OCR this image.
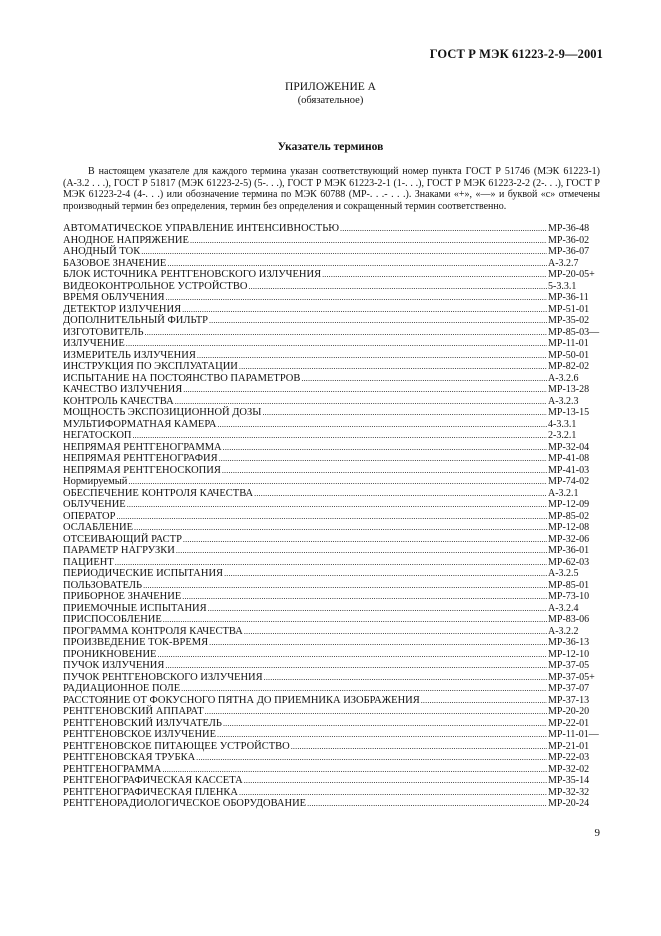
ГОСТ Р МЭК 61223-2-9—2001
ПРИЛОЖЕНИЕ А
(обязательное)
Указатель терминов

В настоящем указателе для каждого термина указан соответствующий номер пункта ГОСТ Р 51746 (МЭК 61223-1) (А-3.2 . . .), ГОСТ Р 51817 (МЭК 61223-2-5) (5-. . .), ГОСТ Р МЭК 61223-2-1 (1-. . .), ГОСТ Р МЭК 61223-2-2 (2-. . .), ГОСТ Р МЭК 61223-2-4 (4-. . .) или обозначение термина по МЭК 60788 (МР-. . .- . . .). Знаками «+», «—» и буквой «с» отмечены производный термин без определения, термин без определения и сокращенный термин соответственно.

АВТОМАТИЧЕСКОЕ УПРАВЛЕНИЕ ИНТЕНСИВНОСТЬЮ .....	МР-36-48
АНОДНОЕ НАПРЯЖЕНИЕ .....	МР-36-02
АНОДНЫЙ ТОК .....	МР-36-07
БАЗОВОЕ ЗНАЧЕНИЕ .....	А-3.2.7
БЛОК ИСТОЧНИКА РЕНТГЕНОВСКОГО ИЗЛУЧЕНИЯ .....	МР-20-05+
ВИДЕОКОНТРОЛЬНОЕ УСТРОЙСТВО .....	5-3.3.1
ВРЕМЯ ОБЛУЧЕНИЯ .....	МР-36-11
ДЕТЕКТОР ИЗЛУЧЕНИЯ .....	МР-51-01
ДОПОЛНИТЕЛЬНЫЙ ФИЛЬТР .....	МР-35-02
ИЗГОТОВИТЕЛЬ .....	МР-85-03—
ИЗЛУЧЕНИЕ .....	МР-11-01
ИЗМЕРИТЕЛЬ ИЗЛУЧЕНИЯ .....	МР-50-01
ИНСТРУКЦИЯ ПО ЭКСПЛУАТАЦИИ .....	МР-82-02
ИСПЫТАНИЕ НА ПОСТОЯНСТВО ПАРАМЕТРОВ .....	А-3.2.6
КАЧЕСТВО ИЗЛУЧЕНИЯ .....	МР-13-28
КОНТРОЛЬ КАЧЕСТВА .....	А-3.2.3
МОЩНОСТЬ ЭКСПОЗИЦИОННОЙ ДОЗЫ .....	МР-13-15
МУЛЬТИФОРМАТНАЯ КАМЕРА .....	4-3.3.1
НЕГАТОСКОП .....	2-3.2.1
НЕПРЯМАЯ РЕНТГЕНОГРАММА .....	МР-32-04
НЕПРЯМАЯ РЕНТГЕНОГРАФИЯ .....	МР-41-08
НЕПРЯМАЯ РЕНТГЕНОСКОПИЯ .....	МР-41-03
Нормируемый .....	МР-74-02
ОБЕСПЕЧЕНИЕ КОНТРОЛЯ КАЧЕСТВА .....	А-3.2.1
ОБЛУЧЕНИЕ .....	МР-12-09
ОПЕРАТОР .....	МР-85-02
ОСЛАБЛЕНИЕ .....	МР-12-08
ОТСЕИВАЮЩИЙ РАСТР .....	МР-32-06
ПАРАМЕТР НАГРУЗКИ .....	МР-36-01
ПАЦИЕНТ .....	МР-62-03
ПЕРИОДИЧЕСКИЕ ИСПЫТАНИЯ .....	А-3.2.5
ПОЛЬЗОВАТЕЛЬ .....	МР-85-01
ПРИБОРНОЕ ЗНАЧЕНИЕ .....	МР-73-10
ПРИЕМОЧНЫЕ ИСПЫТАНИЯ .....	А-3.2.4
ПРИСПОСОБЛЕНИЕ .....	МР-83-06
ПРОГРАММА КОНТРОЛЯ КАЧЕСТВА .....	А-3.2.2
ПРОИЗВЕДЕНИЕ ТОК-ВРЕМЯ .....	МР-36-13
ПРОНИКНОВЕНИЕ .....	МР-12-10
ПУЧОК ИЗЛУЧЕНИЯ .....	МР-37-05
ПУЧОК РЕНТГЕНОВСКОГО ИЗЛУЧЕНИЯ .....	МР-37-05+
РАДИАЦИОННОЕ ПОЛЕ .....	МР-37-07
РАССТОЯНИЕ ОТ ФОКУСНОГО ПЯТНА ДО ПРИЕМНИКА ИЗОБРАЖЕНИЯ .....	МР-37-13
РЕНТГЕНОВСКИЙ АППАРАТ .....	МР-20-20
РЕНТГЕНОВСКИЙ ИЗЛУЧАТЕЛЬ .....	МР-22-01
РЕНТГЕНОВСКОЕ ИЗЛУЧЕНИЕ .....	МР-11-01—
РЕНТГЕНОВСКОЕ ПИТАЮЩЕЕ УСТРОЙСТВО .....	МР-21-01
РЕНТГЕНОВСКАЯ ТРУБКА .....	МР-22-03
РЕНТГЕНОГРАММА .....	МР-32-02
РЕНТГЕНОГРАФИЧЕСКАЯ КАССЕТА .....	МР-35-14
РЕНТГЕНОГРАФИЧЕСКАЯ ПЛЕНКА .....	МР-32-32
РЕНТГЕНОРАДИОЛОГИЧЕСКОЕ ОБОРУДОВАНИЕ .....	МР-20-24
9
